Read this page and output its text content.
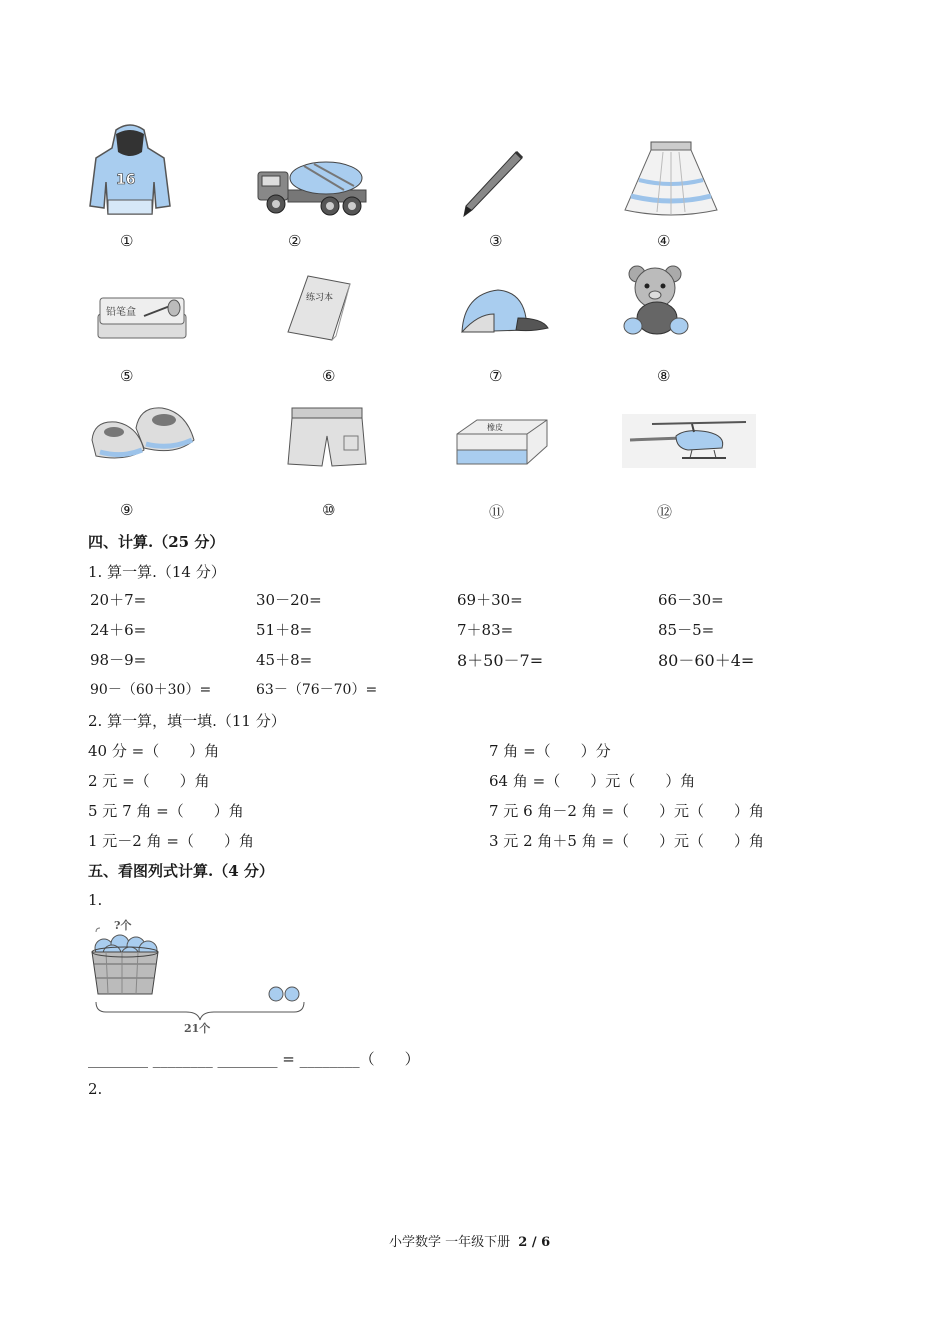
16
①	②	③	④
铅笔盒
练习本
⑤	⑥	⑦	⑧
橡皮
⑨	⑩	⑪	⑫
四、计算.（25 分）
1. 算一算.（14 分）
20＋7=	30－20=	69＋30=	66－30=
24＋6=	51＋8=	7＋83=	85－5=
98－9=	45＋8=	8＋50－7=	80－60＋4=
90－（60＋30）=	63－（76－70）=
2. 算一算，填一填.（11 分）
40 分 =（　　）角	7 角 =（　　）分
2 元 =（　　）角	64 角 =（　　）元（　　）角
5 元 7 角 =（　　）角	7 元 6 角－2 角 =（　　）元（　　）角
1 元－2 角 =（　　）角	3 元 2 角＋5 角 =（　　）元（　　）角
五、看图列式计算.（4 分）
1.
?个
21个
________ ________ ________ = ________（　　）
2.
小学数学 一年级下册 2 / 6
